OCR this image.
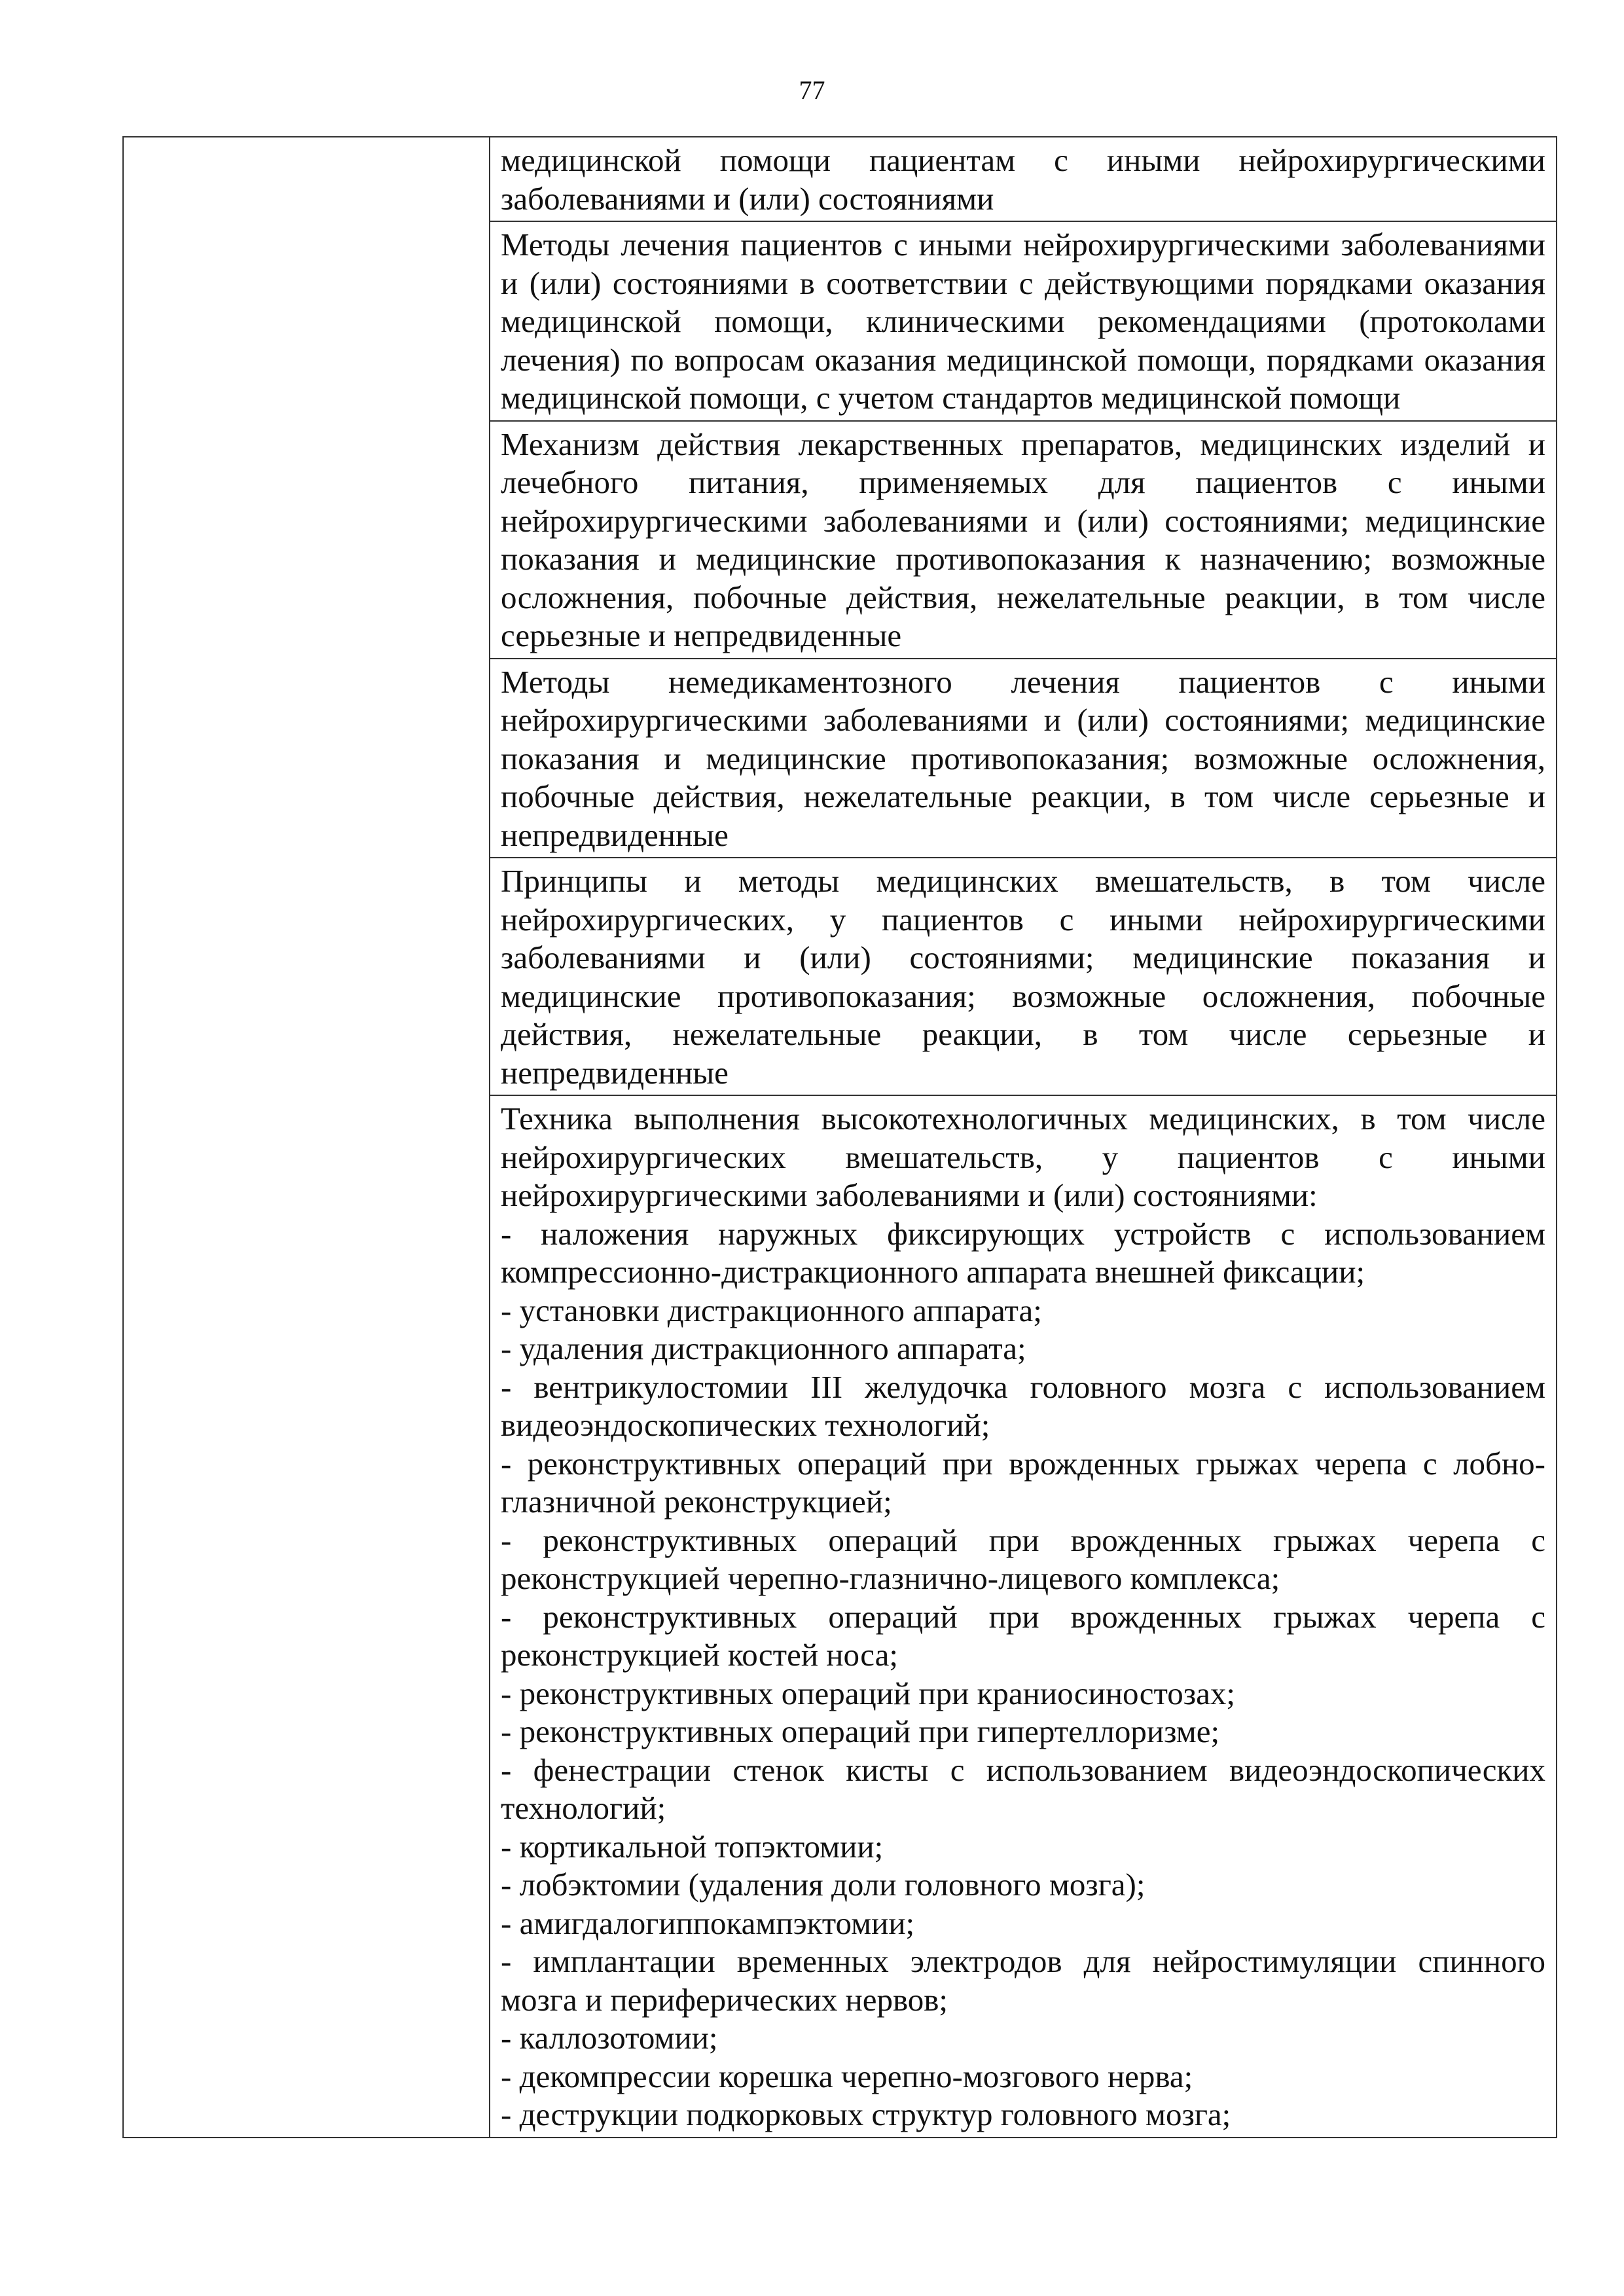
77

медицинской помощи пациентам с иными нейрохирургическими заболеваниями и (или) состояниями

Методы лечения пациентов с иными нейрохирургическими заболеваниями и (или) состояниями в соответствии с действующими порядками оказания медицинской помощи, клиническими рекомендациями (протоколами лечения) по вопросам оказания медицинской помощи, порядками оказания медицинской помощи, с учетом стандартов медицинской помощи

Механизм действия лекарственных препаратов, медицинских изделий и лечебного питания, применяемых для пациентов с иными нейрохирургическими заболеваниями и (или) состояниями; медицинские показания и медицинские противопоказания к назначению; возможные осложнения, побочные действия, нежелательные реакции, в том числе серьезные и непредвиденные

Методы немедикаментозного лечения пациентов с иными нейрохирургическими заболеваниями и (или) состояниями; медицинские показания и медицинские противопоказания; возможные осложнения, побочные действия, нежелательные реакции, в том числе серьезные и непредвиденные

Принципы и методы медицинских вмешательств, в том числе нейрохирургических, у пациентов с иными нейрохирургическими заболеваниями и (или) состояниями; медицинские показания и медицинские противопоказания; возможные осложнения, побочные действия, нежелательные реакции, в том числе серьезные и непредвиденные

Техника выполнения высокотехнологичных медицинских, в том числе нейрохирургических вмешательств, у пациентов с иными нейрохирургическими заболеваниями и (или) состояниями:

- наложения наружных фиксирующих устройств с использованием компрессионно-дистракционного аппарата внешней фиксации;

- установки дистракционного аппарата;

- удаления дистракционного аппарата;

- вентрикулостомии III желудочка головного мозга с использованием видеоэндоскопических технологий;

- реконструктивных операций при врожденных грыжах черепа с лобно-глазничной реконструкцией;

- реконструктивных операций при врожденных грыжах черепа с реконструкцией черепно-глазнично-лицевого комплекса;

- реконструктивных операций при врожденных грыжах черепа с реконструкцией костей носа;

- реконструктивных операций при краниосиностозах;

- реконструктивных операций при гипертеллоризме;

- фенестрации стенок кисты с использованием видеоэндоскопических технологий;

- кортикальной топэктомии;

- лобэктомии (удаления доли головного мозга);

- амигдалогиппокампэктомии;

- имплантации временных электродов для нейростимуляции спинного мозга и периферических нервов;

- каллозотомии;

- декомпрессии корешка черепно-мозгового нерва;

- деструкции подкорковых структур головного мозга;
